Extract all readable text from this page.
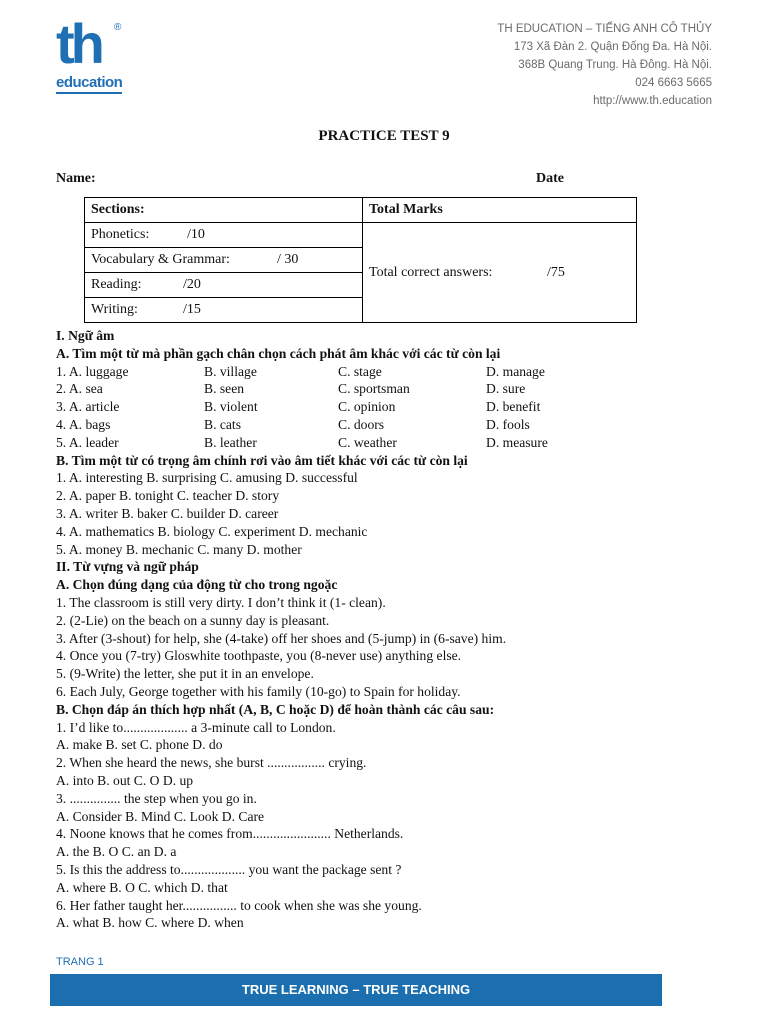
th ®
education
TH EDUCATION – TIẾNG ANH CÔ THỦY
173 Xã Đàn 2. Quận Đống Đa. Hà Nội.
368B Quang Trung. Hà Đông. Hà Nội.
024 6663 5665
http://www.th.education
PRACTICE TEST 9
Name:	Date
Sections:	Total Marks
Phonetics: /10	Total correct answers: /75
Vocabulary & Grammar: / 30	
Reading: /20	
Writing: /15	
I. Ngữ âm
A. Tìm một từ mà phần gạch chân chọn cách phát âm khác với các từ còn lại
1. A. luggage	B. village	C. stage	D. manage
2. A. sea	B. seen	C. sportsman	D. sure
3. A. article	B. violent	C. opinion	D. benefit
4. A. bags	B. cats	C. doors	D. fools
5. A. leader	B. leather	C. weather	D. measure
B. Tìm một từ có trọng âm chính rơi vào âm tiết khác với các từ còn lại
1. A. interesting B. surprising C. amusing D. successful
2. A. paper B. tonight C. teacher D. story
3. A. writer B. baker C. builder D. career
4. A. mathematics B. biology C. experiment D. mechanic
5. A. money B. mechanic C. many D. mother
II. Từ vựng và ngữ pháp
A. Chọn đúng dạng của động từ cho trong ngoặc
1. The classroom is still very dirty. I don’t think it (1- clean).
2. (2-Lie) on the beach on a sunny day is pleasant.
3. After (3-shout) for help, she (4-take) off her shoes and (5-jump) in (6-save) him.
4. Once you (7-try) Gloswhite toothpaste, you (8-never use) anything else.
5. (9-Write) the letter, she put it in an envelope.
6. Each July, George together with his family (10-go) to Spain for holiday.
B. Chọn đáp án thích hợp nhất (A, B, C hoặc D) để hoàn thành các câu sau:
1. I’d like to................... a 3-minute call to London.
A. make B. set C. phone D. do
2. When she heard the news, she burst ................. crying.
A. into B. out C. O D. up
3. ............... the step when you go in.
A. Consider B. Mind C. Look D. Care
4. Noone knows that he comes from....................... Netherlands.
A. the B. O C. an D. a
5. Is this the address to................... you want the package sent ?
A. where B. O C. which D. that
6. Her father taught her................ to cook when she was she young.
A. what B. how C. where D. when
TRANG 1
TRUE LEARNING – TRUE TEACHING
